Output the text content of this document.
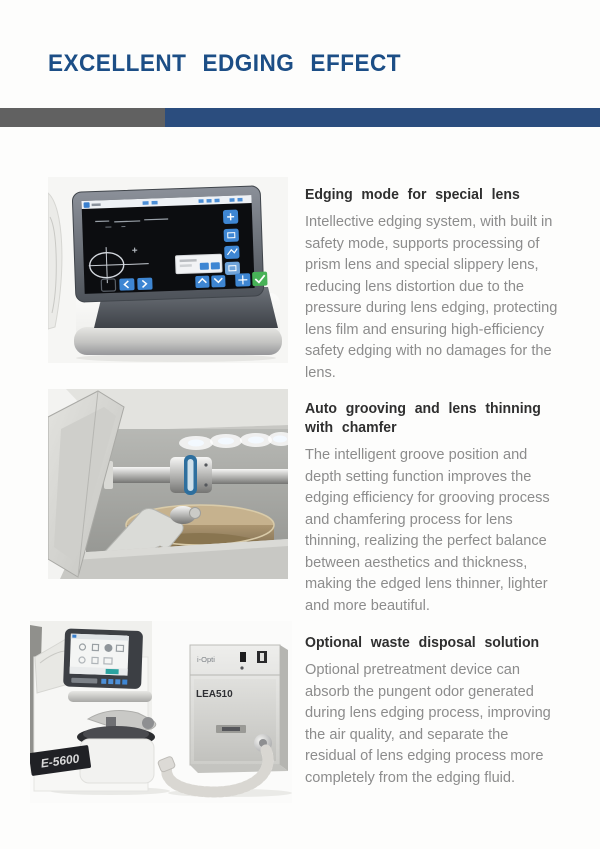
EXCELLENT EDGING EFFECT
Edging mode for special lens

Intellective edging system, with built in safety mode, supports processing of prism lens and special slippery lens, reducing lens distortion due to the pressure during lens edging, protecting lens film and ensuring high-efficiency safety edging with no damages for the lens.

Auto grooving and lens thinning with chamfer

The intelligent groove position and depth setting function improves the edging efficiency for grooving process and chamfering process for lens thinning, realizing the perfect balance between aesthetics and thickness, making the edged lens thinner, lighter and more beautiful.

E-5600
i-Opti
LEA510
Optional waste disposal solution

Optional pretreatment device can absorb the pungent odor generated during lens edging process, improving the air quality, and separate the residual of lens edging process more completely from the edging fluid.
